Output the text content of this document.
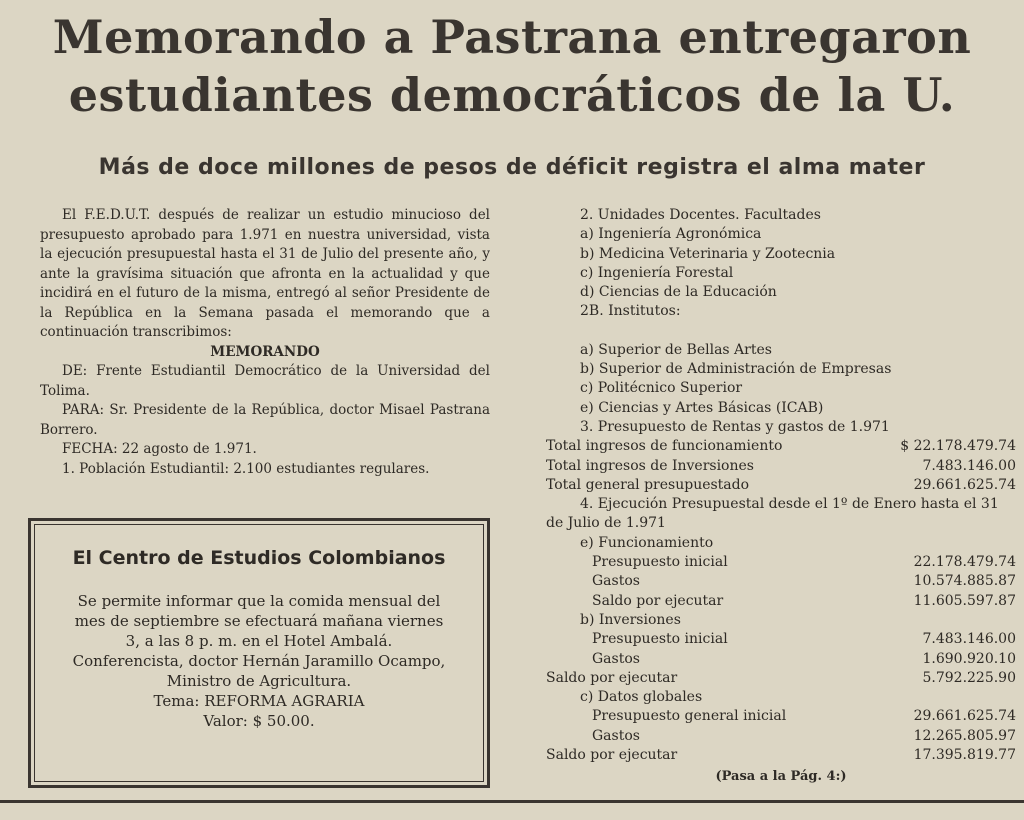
Memorando a Pastrana entregaron
estudiantes democráticos de la U.
Más de doce millones de pesos de déficit registra el alma mater

El F.E.D.U.T. después de realizar un estudio minucioso del presupuesto aprobado para 1.971 en nuestra universidad, vista la ejecución presupuestal hasta el 31 de Julio del presente año, y ante la gravísima situación que afronta en la actualidad y que incidirá en el futuro de la misma, entregó al señor Presidente de la República en la Semana pasada el memorando que a continuación transcribimos:

MEMORANDO

DE: Frente Estudiantil Democrático de la Universidad del Tolima.

PARA: Sr. Presidente de la República, doctor Misael Pastrana Borrero.

FECHA: 22 agosto de 1.971.

1. Población Estudiantil: 2.100 estudiantes regulares.

El Centro de Estudios Colombianos

Se permite informar que la comida mensual del mes de septiembre se efectuará mañana viernes 3, a las 8 p. m. en el Hotel Ambalá.

Conferencista, doctor Hernán Jaramillo Ocampo, Ministro de Agricultura.

Tema: REFORMA AGRARIA

Valor: $ 50.00.

2. Unidades Docentes. Facultades
a) Ingeniería Agronómica
b) Medicina Veterinaria y Zootecnia
c) Ingeniería Forestal
d) Ciencias de la Educación
2B. Institutos:
a) Superior de Bellas Artes
b) Superior de Administración de Empresas
c) Politécnico Superior
e) Ciencias y Artes Básicas (ICAB)
3. Presupuesto de Rentas y gastos de 1.971
Total ingresos de funcionamiento	$ 22.178.479.74
Total ingresos de Inversiones	7.483.146.00
Total general presupuestado	29.661.625.74
4. Ejecución Presupuestal desde el 1º de Enero hasta el 31 de Julio de 1.971
e) Funcionamiento
Presupuesto inicial	22.178.479.74
Gastos	10.574.885.87
Saldo por ejecutar	11.605.597.87
b) Inversiones
Presupuesto inicial	7.483.146.00
Gastos	1.690.920.10
Saldo por ejecutar	5.792.225.90
c) Datos globales
Presupuesto general inicial	29.661.625.74
Gastos	12.265.805.97
Saldo por ejecutar	17.395.819.77
(Pasa a la Pág. 4:)
